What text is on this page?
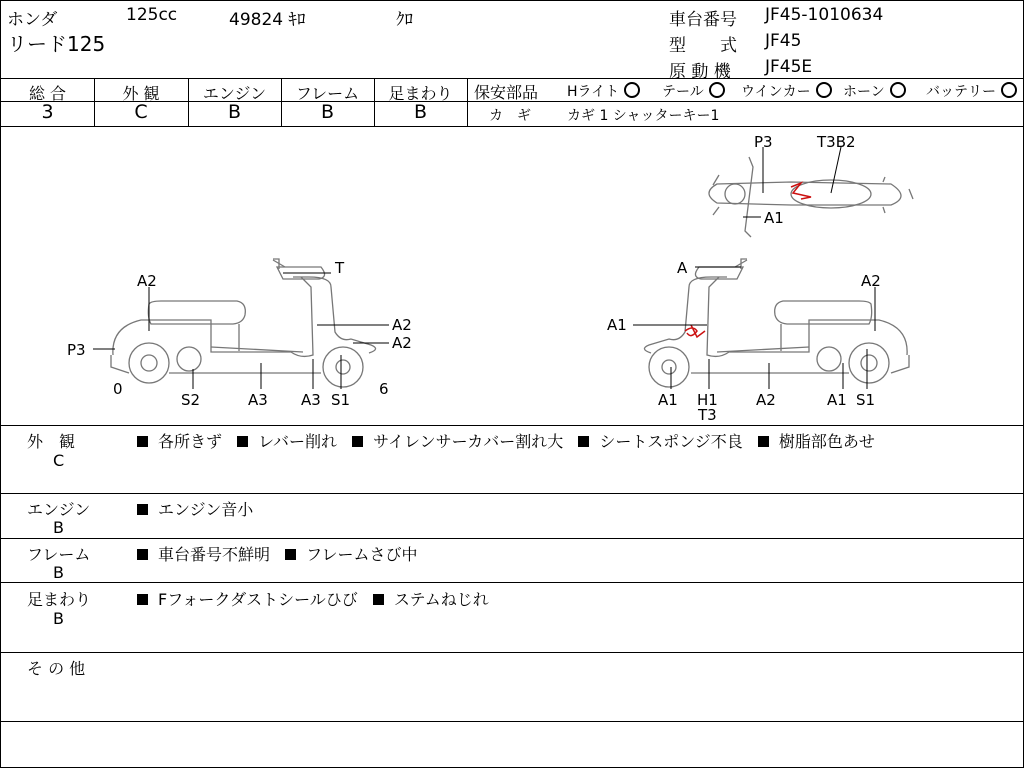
ホンダ	125cc	49824 ｷﾛ	ｸﾛ
リード125
車台番号 JF45-1010634
型　　式 JF45
原 動 機 JF45E
総 合	外 観	エンジン	フレーム	足まわり
3	C	B	B	B
保安部品 Hライト	テール	ウインカー	ホーン	バッテリー
カ　ギ	カギ 1 シャッターキー1
T
A2
A2
A2
P3
0
S2	A3 A3 S1
6
A
A2
A1
A1 H1
T3
A2	A1 S1
P3	T3B2
A1
外　観
C
各所きず レバー削れ サイレンサーカバー割れ大 シートスポンジ不良 樹脂部色あせ
エンジン
B
エンジン音小
フレーム
B
車台番号不鮮明 フレームさび中
足まわり
B
Fフォークダストシールひび ステムねじれ
そ の 他
